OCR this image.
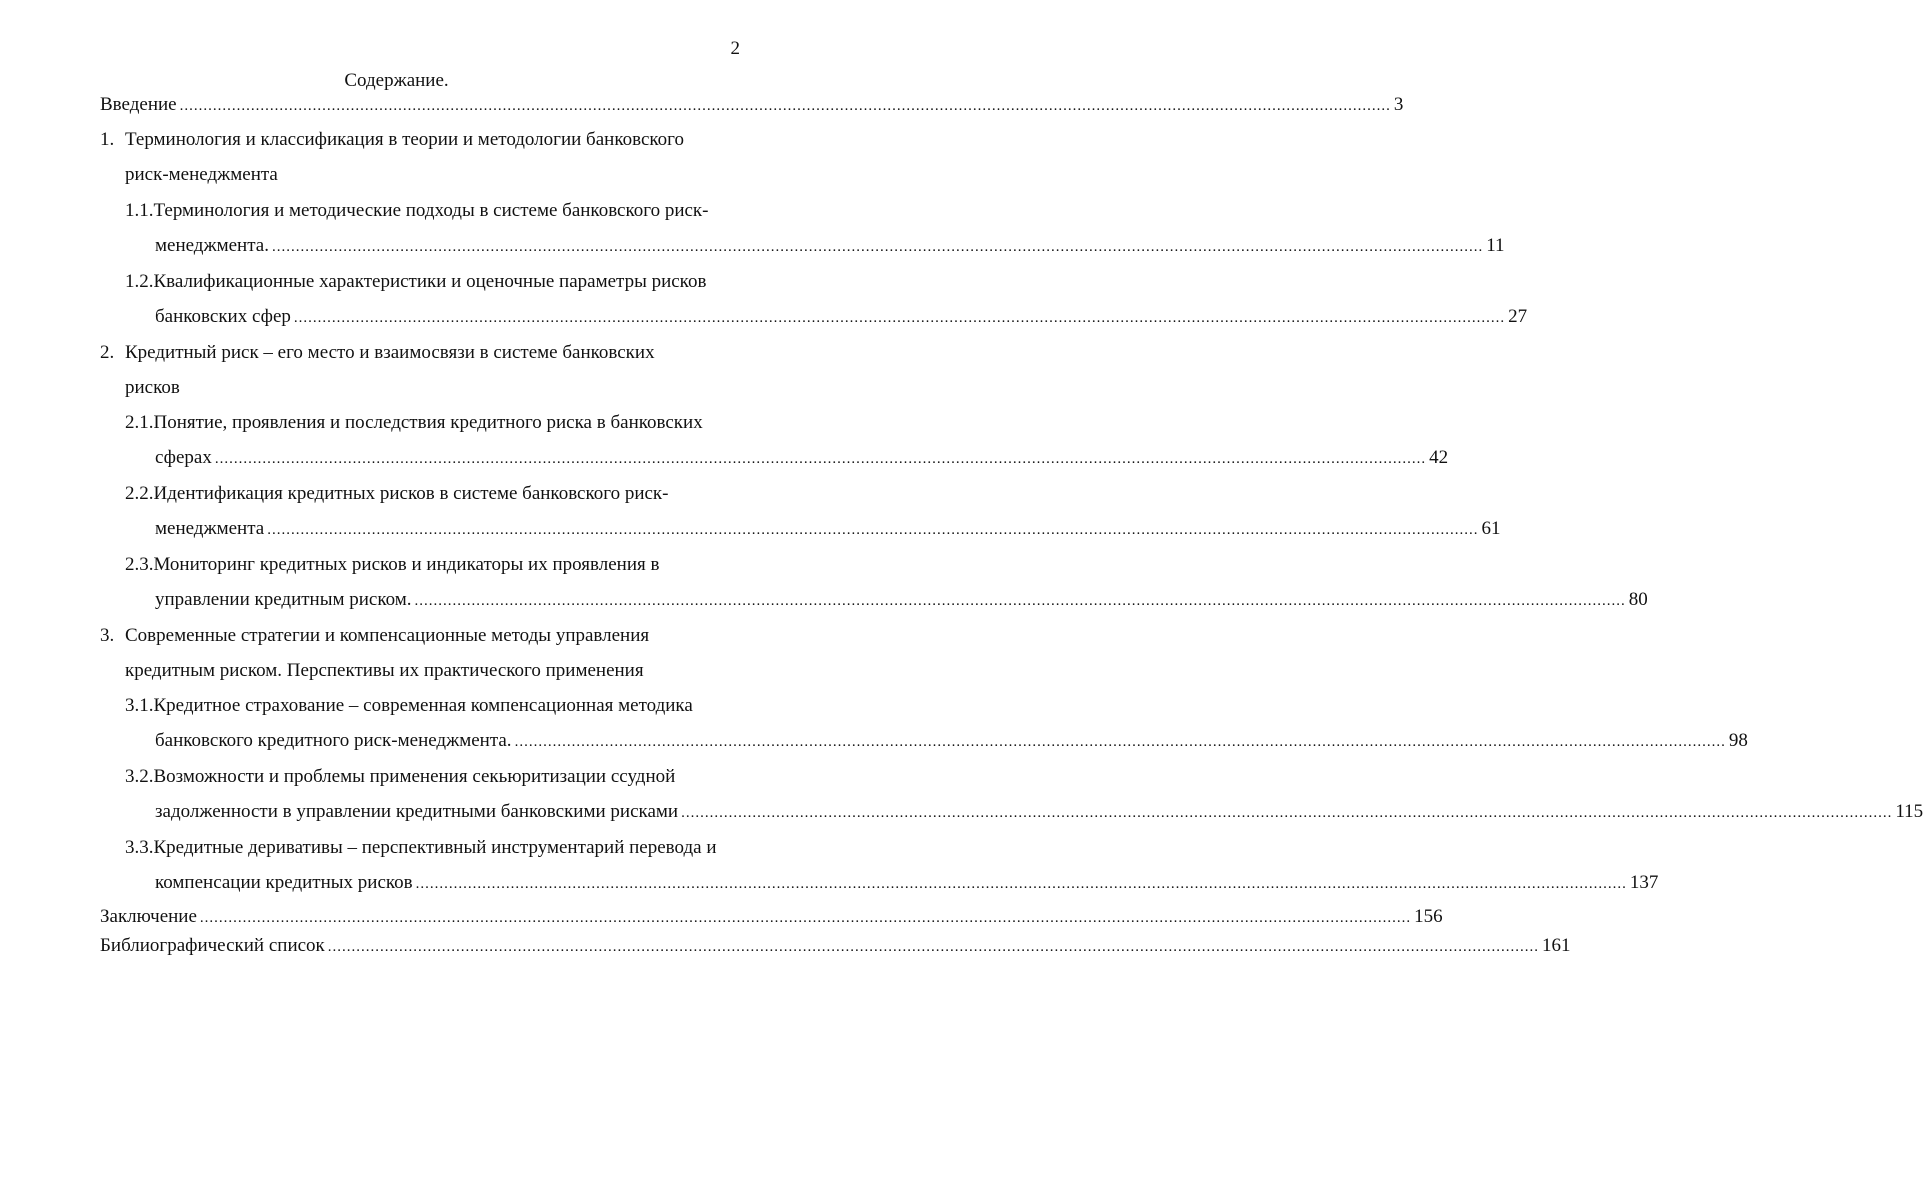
2
Содержание.
Введение ............................................................................................................................................................................................................................................................... 3
1. Терминология и классификация в теории и методологии банковского
риск-менеджмента
1.1. Терминология и методические подходы в системе банковского риск-
менеджмента. ............................................................................................................................................................................................................................................................... 11
1.2. Квалификационные характеристики и оценочные параметры рисков
банковских сфер ............................................................................................................................................................................................................................................................... 27
2. Кредитный риск – его место и взаимосвязи в системе банковских
рисков
2.1. Понятие, проявления и последствия кредитного риска в банковских
сферах ............................................................................................................................................................................................................................................................... 42
2.2. Идентификация кредитных рисков в системе банковского риск-
менеджмента ............................................................................................................................................................................................................................................................... 61
2.3. Мониторинг кредитных рисков и индикаторы их проявления в
управлении кредитным риском. ............................................................................................................................................................................................................................................................... 80
3. Современные стратегии и компенсационные методы управления
кредитным риском. Перспективы их практического применения
3.1. Кредитное страхование – современная компенсационная методика
банковского кредитного риск-менеджмента. ............................................................................................................................................................................................................................................................... 98
3.2. Возможности и проблемы применения секьюритизации ссудной
задолженности в управлении кредитными банковскими рисками ............................................................................................................................................................................................................................................................... 115
3.3. Кредитные деривативы – перспективный инструментарий перевода и
компенсации кредитных рисков ............................................................................................................................................................................................................................................................... 137
Заключение ............................................................................................................................................................................................................................................................... 156
Библиографический список ............................................................................................................................................................................................................................................................... 161
